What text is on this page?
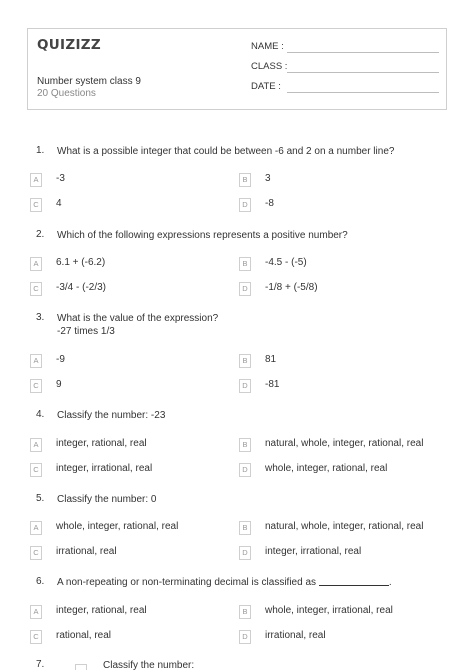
QUIZIZZ
Number system class 9
20 Questions
NAME :
CLASS :
DATE :
1. What is a possible integer that could be between -6 and 2 on a number line?
A	-3	B	3
C	4	D	-8
2. Which of the following expressions represents a positive number?
A	6.1 + (-6.2)	B	-4.5 - (-5)
C	-3/4 - (-2/3)	D	-1/8 + (-5/8)
3. What is the value of the expression?
-27 times 1/3
A	-9	B	81
C	9	D	-81
4. Classify the number: -23
A	integer, rational, real	B	natural, whole, integer, rational, real
C	integer, irrational, real	D	whole, integer, rational, real
5. Classify the number: 0
A	whole, integer, rational, real	B	natural, whole, integer, rational, real
C	irrational, real	D	integer, irrational, real
6. A non-repeating or non-terminating decimal is classified as	.
A	integer, rational, real	B	whole, integer, irrational, real
C	rational, real	D	irrational, real
7.	Classify the number:
